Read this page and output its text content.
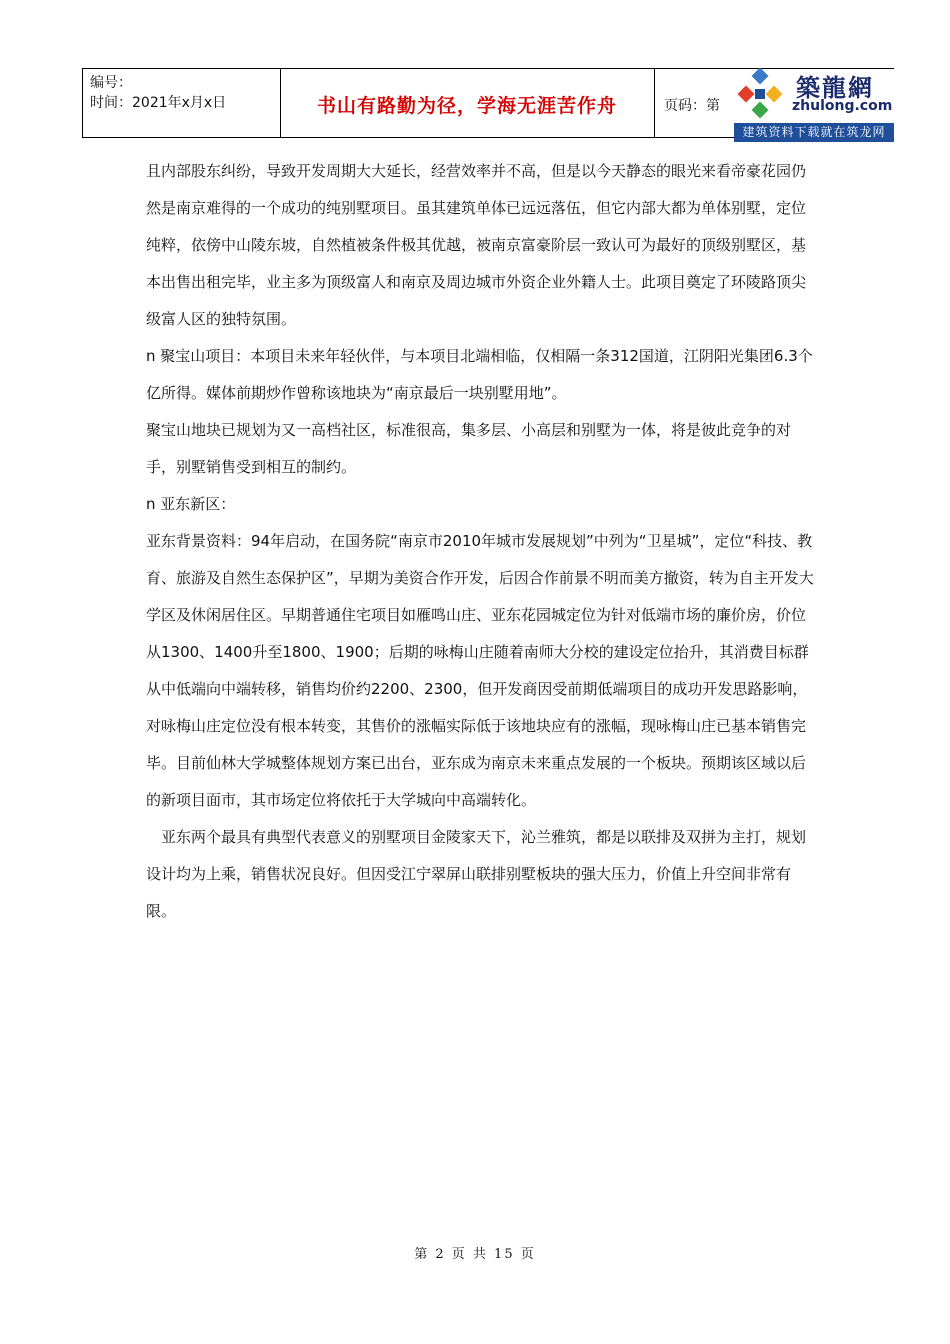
编号：
时间：2021年x月x日	书山有路勤为径，学海无涯苦作舟	页码：第
築龍網
zhulong.com
建筑资料下载就在筑龙网

且内部股东纠纷，导致开发周期大大延长，经营效率并不高，但是以今天静态的眼光来看帝豪花园仍然是南京难得的一个成功的纯别墅项目。虽其建筑单体已远远落伍，但它内部大都为单体别墅，定位纯粹，依傍中山陵东坡，自然植被条件极其优越，被南京富豪阶层一致认可为最好的顶级别墅区，基本出售出租完毕，业主多为顶级富人和南京及周边城市外资企业外籍人士。此项目奠定了环陵路顶尖级富人区的独特氛围。

n 聚宝山项目：本项目未来年轻伙伴，与本项目北端相临，仅相隔一条312国道，江阴阳光集团6.3个亿所得。媒体前期炒作曾称该地块为“南京最后一块别墅用地”。

聚宝山地块已规划为又一高档社区，标准很高，集多层、小高层和别墅为一体，将是彼此竞争的对手，别墅销售受到相互的制约。

n 亚东新区：

亚东背景资料：94年启动，在国务院“南京市2010年城市发展规划”中列为“卫星城”，定位“科技、教育、旅游及自然生态保护区”，早期为美资合作开发，后因合作前景不明而美方撤资，转为自主开发大学区及休闲居住区。早期普通住宅项目如雁鸣山庄、亚东花园城定位为针对低端市场的廉价房，价位从1300、1400升至1800、1900；后期的咏梅山庄随着南师大分校的建设定位抬升，其消费目标群从中低端向中端转移，销售均价约2200、2300，但开发商因受前期低端项目的成功开发思路影响，对咏梅山庄定位没有根本转变，其售价的涨幅实际低于该地块应有的涨幅，现咏梅山庄已基本销售完毕。目前仙林大学城整体规划方案已出台，亚东成为南京未来重点发展的一个板块。预期该区域以后的新项目面市，其市场定位将依托于大学城向中高端转化。

亚东两个最具有典型代表意义的别墅项目金陵家天下，沁兰雅筑，都是以联排及双拼为主打，规划设计均为上乘，销售状况良好。但因受江宁翠屏山联排别墅板块的强大压力，价值上升空间非常有限。

第 2 页 共 15 页
